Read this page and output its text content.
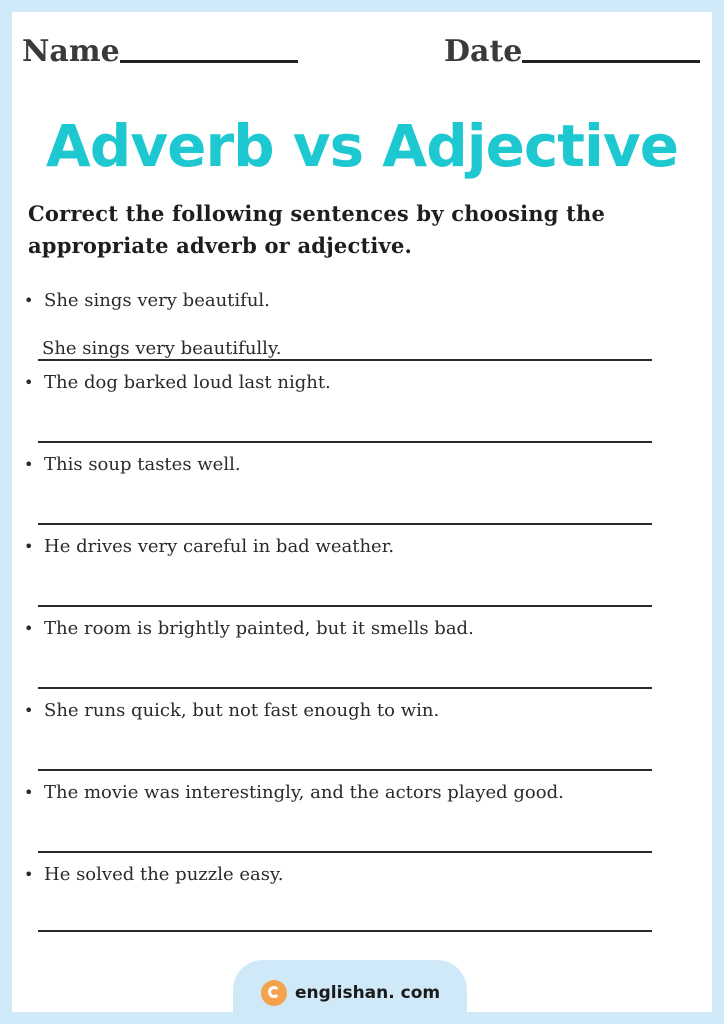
Name	Date
Adverb vs Adjective
Correct the following sentences by choosing the appropriate adverb or adjective.
• She sings very beautiful.
She sings very beautifully.
• The dog barked loud last night.
• This soup tastes well.
• He drives very careful in bad weather.
• The room is brightly painted, but it smells bad.
• She runs quick, but not fast enough to win.
• The movie was interestingly, and the actors played good.
• He solved the puzzle easy.
englishan. com
